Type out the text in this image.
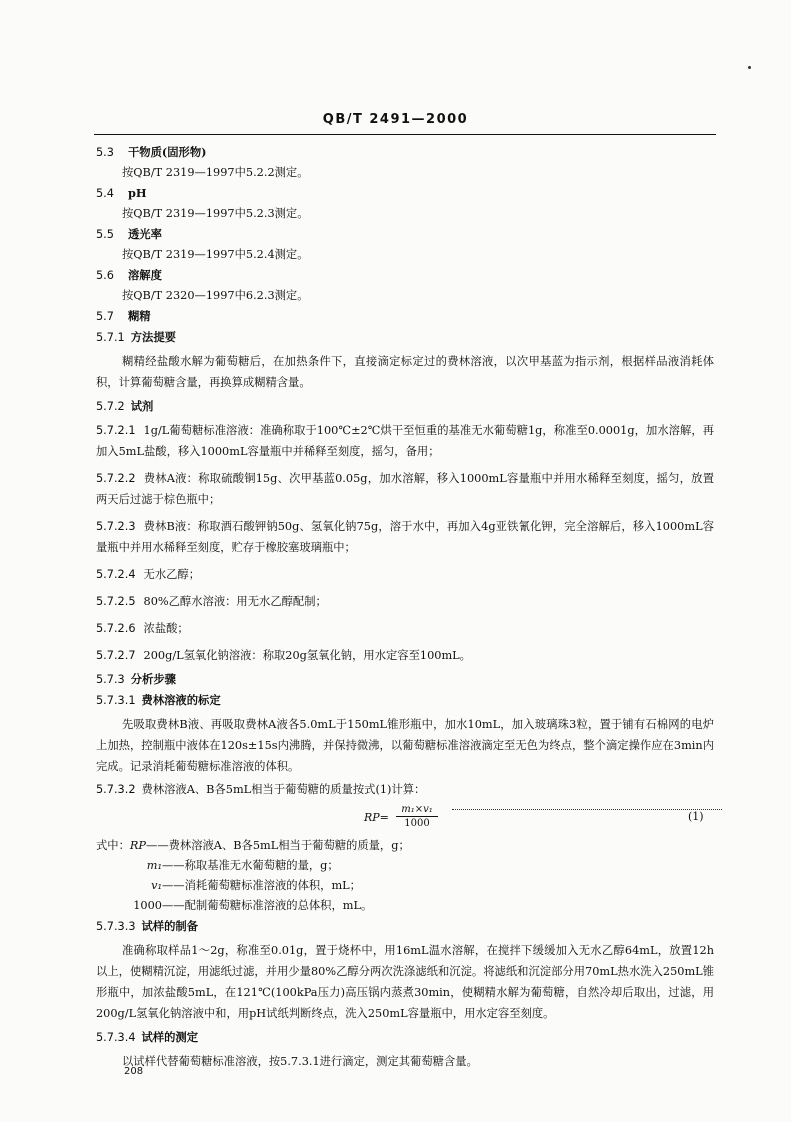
QB/T 2491—2000
5.3 干物质(固形物)
按QB/T 2319—1997中5.2.2测定。
5.4 pH
按QB/T 2319—1997中5.2.3测定。
5.5 透光率
按QB/T 2319—1997中5.2.4测定。
5.6 溶解度
按QB/T 2320—1997中6.2.3测定。
5.7 糊精
5.7.1 方法提要
糊精经盐酸水解为葡萄糖后，在加热条件下，直接滴定标定过的费林溶液，以次甲基蓝为指示剂，根据样品液消耗体积，计算葡萄糖含量，再换算成糊精含量。
5.7.2 试剂
5.7.2.1 1g/L葡萄糖标准溶液：准确称取于100℃±2℃烘干至恒重的基准无水葡萄糖1g，称准至0.0001g，加水溶解，再加入5mL盐酸，移入1000mL容量瓶中并稀释至刻度，摇匀，备用；
5.7.2.2 费林A液：称取硫酸铜15g、次甲基蓝0.05g，加水溶解，移入1000mL容量瓶中并用水稀释至刻度，摇匀，放置两天后过滤于棕色瓶中；
5.7.2.3 费林B液：称取酒石酸钾钠50g、氢氧化钠75g，溶于水中，再加入4g亚铁氰化钾，完全溶解后，移入1000mL容量瓶中并用水稀释至刻度，贮存于橡胶塞玻璃瓶中；
5.7.2.4 无水乙醇；
5.7.2.5 80%乙醇水溶液：用无水乙醇配制；
5.7.2.6 浓盐酸；
5.7.2.7 200g/L氢氧化钠溶液：称取20g氢氧化钠，用水定容至100mL。
5.7.3 分析步骤
5.7.3.1 费林溶液的标定
先吸取费林B液、再吸取费林A液各5.0mL于150mL锥形瓶中，加水10mL，加入玻璃珠3粒，置于铺有石棉网的电炉上加热，控制瓶中液体在120s±15s内沸腾，并保持微沸，以葡萄糖标准溶液滴定至无色为终点，整个滴定操作应在3min内完成。记录消耗葡萄糖标准溶液的体积。
5.7.3.2 费林溶液A、B各5mL相当于葡萄糖的质量按式(1)计算：
$RP= \frac{\text{m₁×v₁}}{1000}$	(1)
式中：RP——费林溶液A、B各5mL相当于葡萄糖的质量，g；
m₁——称取基准无水葡萄糖的量，g；
v₁——消耗葡萄糖标准溶液的体积，mL；
1000——配制葡萄糖标准溶液的总体积，mL。
5.7.3.3 试样的制备
准确称取样品1～2g，称准至0.01g，置于烧杯中，用16mL温水溶解，在搅拌下缓缓加入无水乙醇64mL，放置12h以上，使糊精沉淀，用滤纸过滤，并用少量80%乙醇分两次洗涤滤纸和沉淀。将滤纸和沉淀部分用70mL热水洗入250mL锥形瓶中，加浓盐酸5mL，在121℃(100kPa压力)高压锅内蒸煮30min，使糊精水解为葡萄糖，自然冷却后取出，过滤，用200g/L氢氧化钠溶液中和，用pH试纸判断终点，洗入250mL容量瓶中，用水定容至刻度。
5.7.3.4 试样的测定
以试样代替葡萄糖标准溶液，按5.7.3.1进行滴定，测定其葡萄糖含量。
208
